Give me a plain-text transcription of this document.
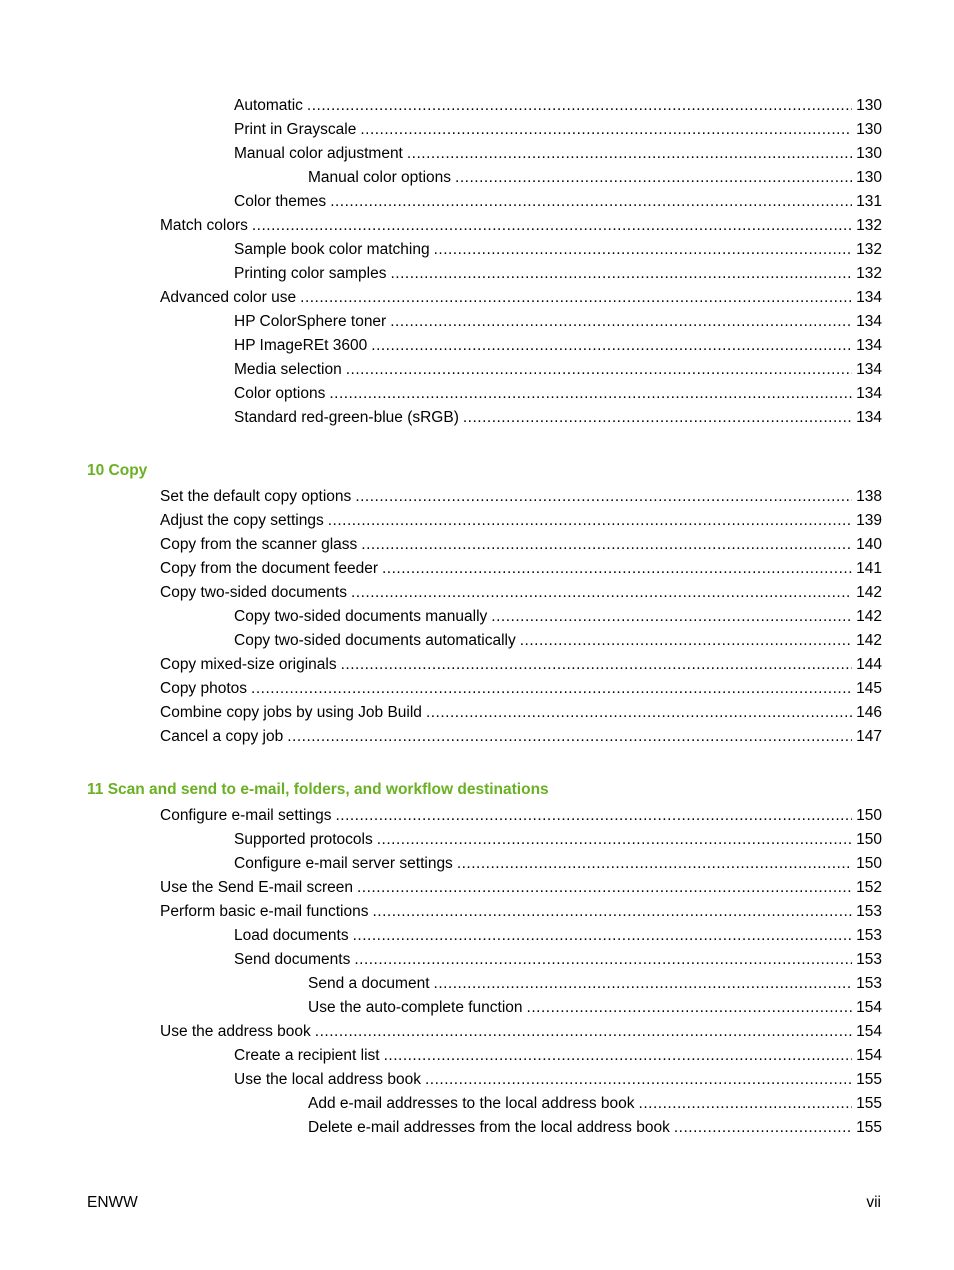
Automatic .....	130
Print in Grayscale .....	130
Manual color adjustment .....	130
Manual color options .....	130
Color themes .....	131
Match colors .....	132
Sample book color matching .....	132
Printing color samples .....	132
Advanced color use .....	134
HP ColorSphere toner .....	134
HP ImageREt 3600 .....	134
Media selection .....	134
Color options .....	134
Standard red-green-blue (sRGB) .....	134
10 Copy
Set the default copy options .....	138
Adjust the copy settings .....	139
Copy from the scanner glass .....	140
Copy from the document feeder .....	141
Copy two-sided documents .....	142
Copy two-sided documents manually .....	142
Copy two-sided documents automatically .....	142
Copy mixed-size originals .....	144
Copy photos .....	145
Combine copy jobs by using Job Build .....	146
Cancel a copy job .....	147
11 Scan and send to e-mail, folders, and workflow destinations
Configure e-mail settings .....	150
Supported protocols .....	150
Configure e-mail server settings .....	150
Use the Send E-mail screen .....	152
Perform basic e-mail functions .....	153
Load documents .....	153
Send documents .....	153
Send a document .....	153
Use the auto-complete function .....	154
Use the address book .....	154
Create a recipient list .....	154
Use the local address book .....	155
Add e-mail addresses to the local address book .....	155
Delete e-mail addresses from the local address book .....	155
ENWW	vii
